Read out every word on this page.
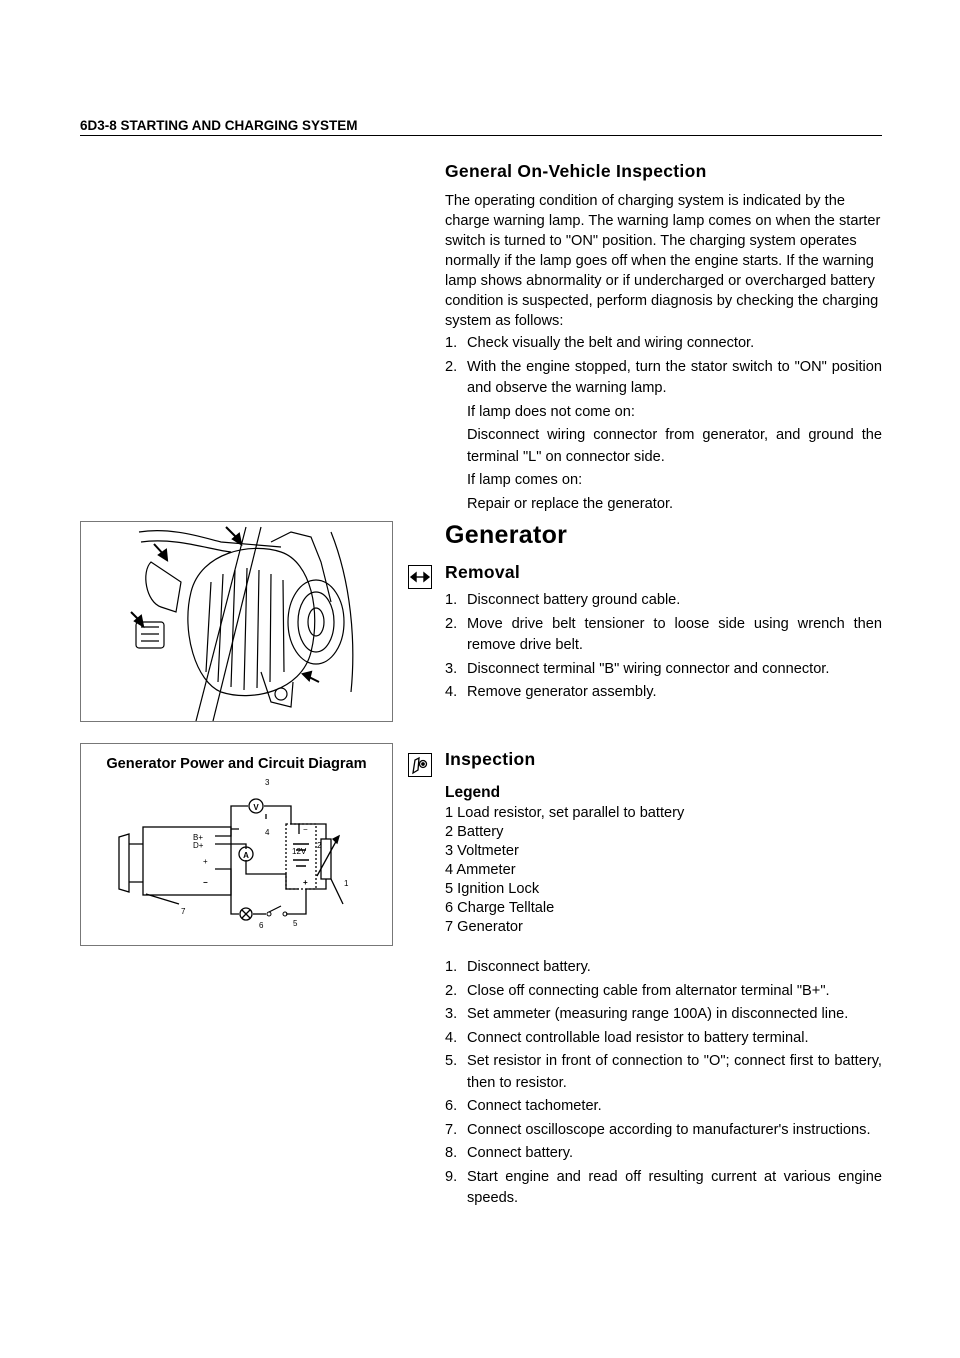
6D3-8 STARTING AND CHARGING SYSTEM
General On-Vehicle Inspection

The operating condition of charging system is indicated by the charge warning lamp. The warning lamp comes on when the starter switch is turned to "ON" position. The charging system operates normally if the lamp goes off when the engine starts. If the warning lamp shows abnormality or if undercharged or overcharged battery condition is suspected, perform diagnosis by checking the charging system as follows:

1. Check visually the belt and wiring connector.
2. With the engine stopped, turn the stator switch to "ON" position and observe the warning lamp.
If lamp does not come on:
Disconnect wiring connector from generator, and ground the terminal "L" on connector side.
If lamp comes on:
Repair or replace the generator.
Generator
Removal
1. Disconnect battery ground cable.
2. Move drive belt tensioner to loose side using wrench then remove drive belt.
3. Disconnect terminal "B" wiring connector and connector.
4. Remove generator assembly.
Generator Power and Circuit Diagram
V
A
B+
D+
+
−
12V
−
+	1
2
3
4
5
6
7
Inspection
Legend
1 Load resistor, set parallel to battery
2 Battery
3 Voltmeter
4 Ammeter
5 Ignition Lock
6 Charge Telltale
7 Generator
1. Disconnect battery.
2. Close off connecting cable from alternator terminal "B+".
3. Set ammeter (measuring range 100A) in disconnected line.
4. Connect controllable load resistor to battery terminal.
5. Set resistor in front of connection to "O"; connect first to battery, then to resistor.
6. Connect tachometer.
7. Connect oscilloscope according to manufacturer's instructions.
8. Connect battery.
9. Start engine and read off resulting current at various engine speeds.
